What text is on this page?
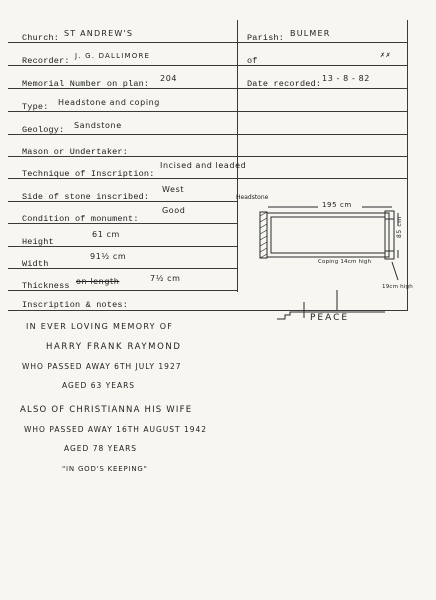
Church: ST ANDREW'S	Parish: BULMER
Recorder: J. G. DALLIMORE	of
✗✗
Memorial Number on plan:
204
Date recorded:
13 - 8 - 82
Type: Headstone and coping
Geology: Sandstone
Mason or Undertaker:
Technique of Inscription:
Incised and leaded
Side of stone inscribed:
West
Condition of monument:
Good
Height
61 cm
Width
91½ cm
Thickness on length	7½ cm
Inscription & notes:
Headstone
195 cm
85 cm
Coping 14cm high
19cm high
PEACE
IN EVER LOVING MEMORY OF
HARRY FRANK RAYMOND
WHO PASSED AWAY 6TH JULY 1927
AGED 63 YEARS
ALSO OF CHRISTIANNA HIS WIFE
WHO PASSED AWAY 16TH AUGUST 1942
AGED 78 YEARS
"IN GOD'S KEEPING"
